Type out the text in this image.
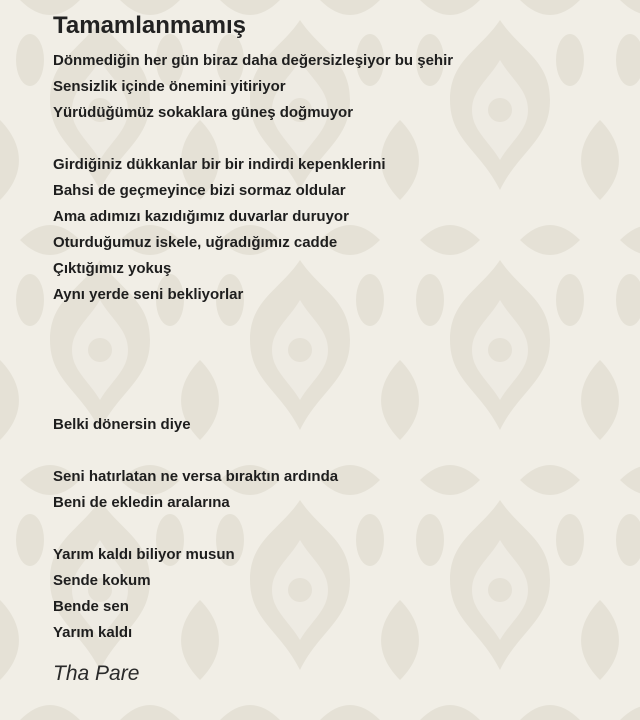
Tamamlanmamış
Dönmediğin her gün biraz daha değersizleşiyor bu şehir
Sensizlik içinde önemini yitiriyor
Yürüdüğümüz sokaklara güneş doğmuyor
Girdiğiniz dükkanlar bir bir indirdi kepenklerini
Bahsi de geçmeyince bizi sormaz oldular
Ama adımızı kazıdığımız duvarlar duruyor
Oturduğumuz iskele, uğradığımız cadde
Çıktığımız yokuş
Aynı yerde seni bekliyorlar
Belki dönersin diye
Seni hatırlatan ne versa bıraktın ardında
Beni de ekledin aralarına
Yarım kaldı biliyor musun
Sende kokum
Bende sen
Yarım kaldı
Tha Pare
